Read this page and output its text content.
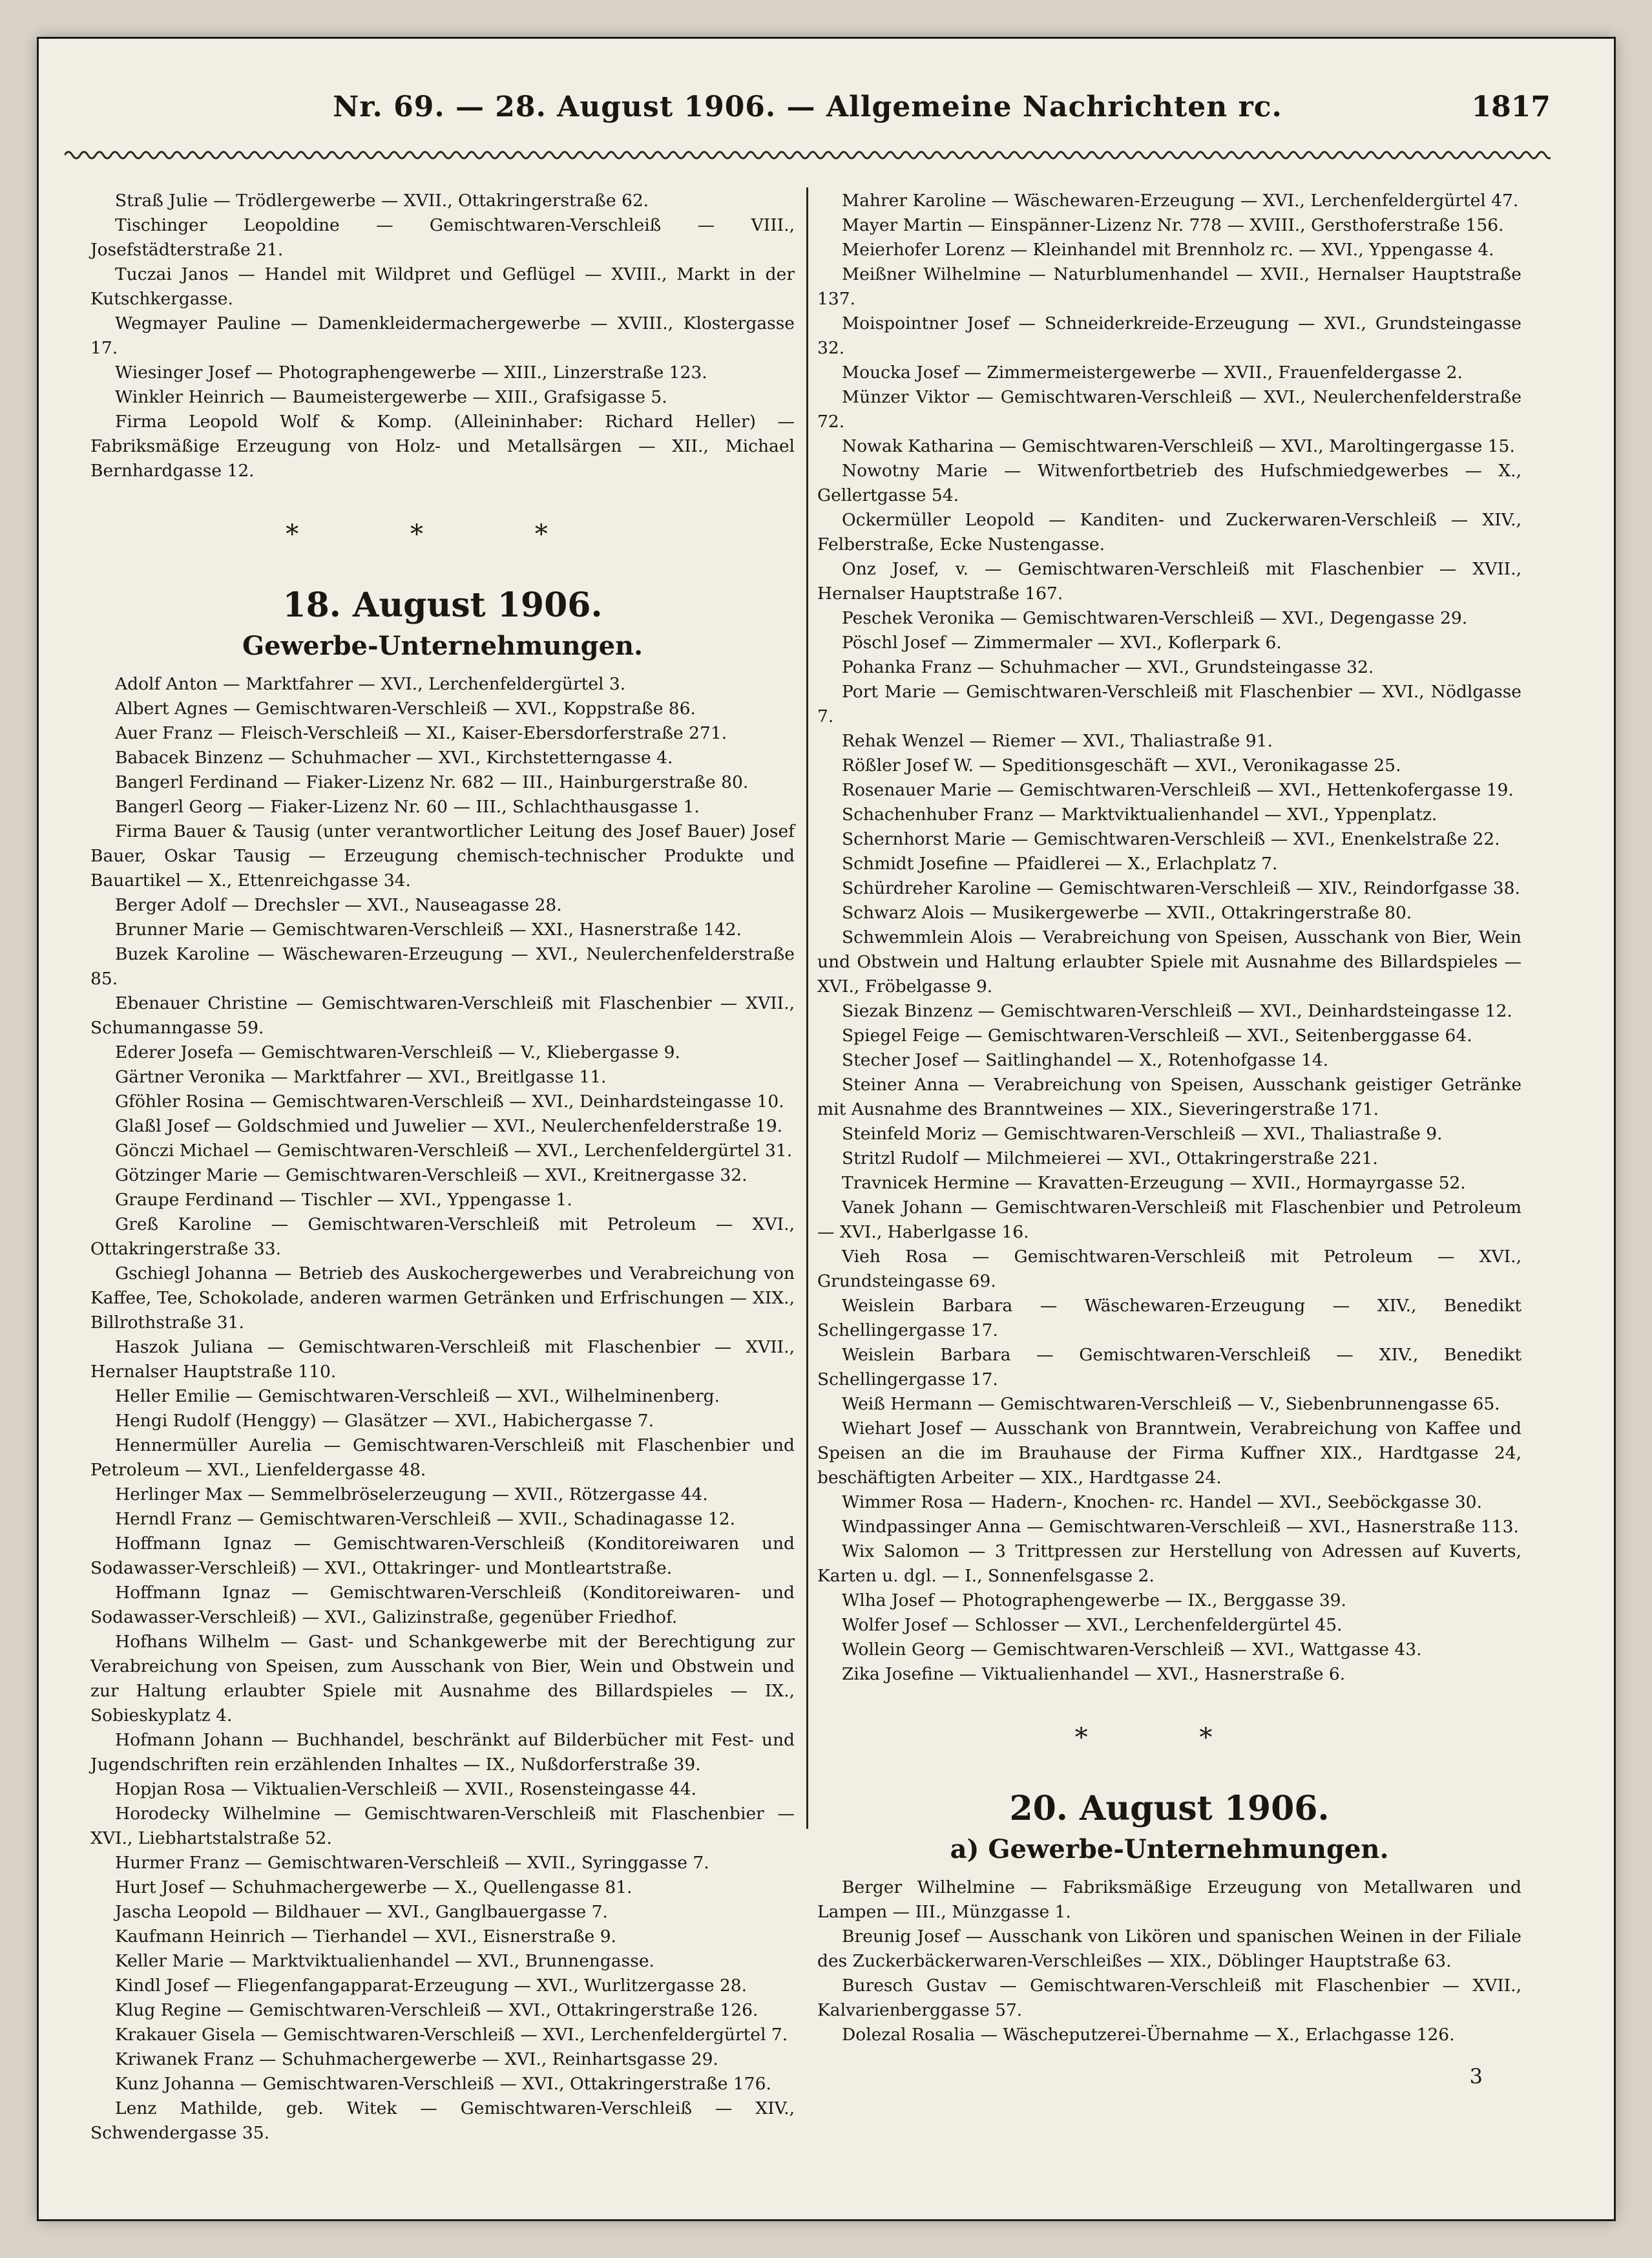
Nr. 69. — 28. August 1906. — Allgemeine Nachrichten rc.	1817

Straß Julie — Trödlergewerbe — XVII., Ottakringerstraße 62.

Tischinger Leopoldine — Gemischtwaren-Verschleiß — VIII., Josefstädterstraße 21.

Tuczai Janos — Handel mit Wildpret und Geflügel — XVIII., Markt in der Kutschkergasse.

Wegmayer Pauline — Damenkleidermachergewerbe — XVIII., Klostergasse 17.

Wiesinger Josef — Photographengewerbe — XIII., Linzerstraße 123.

Winkler Heinrich — Baumeistergewerbe — XIII., Grafsigasse 5.

Firma Leopold Wolf & Komp. (Alleininhaber: Richard Heller) — Fabriksmäßige Erzeugung von Holz- und Metallsärgen — XII., Michael Bernhardgasse 12.

* * *
18. August 1906.
Gewerbe-Unternehmungen.

Adolf Anton — Marktfahrer — XVI., Lerchenfeldergürtel 3.

Albert Agnes — Gemischtwaren-Verschleiß — XVI., Koppstraße 86.

Auer Franz — Fleisch-Verschleiß — XI., Kaiser-Ebersdorferstraße 271.

Babacek Binzenz — Schuhmacher — XVI., Kirchstetterngasse 4.

Bangerl Ferdinand — Fiaker-Lizenz Nr. 682 — III., Hainburgerstraße 80.

Bangerl Georg — Fiaker-Lizenz Nr. 60 — III., Schlachthausgasse 1.

Firma Bauer & Tausig (unter verantwortlicher Leitung des Josef Bauer) Josef Bauer, Oskar Tausig — Erzeugung chemisch-technischer Produkte und Bauartikel — X., Ettenreichgasse 34.

Berger Adolf — Drechsler — XVI., Nauseagasse 28.

Brunner Marie — Gemischtwaren-Verschleiß — XXI., Hasnerstraße 142.

Buzek Karoline — Wäschewaren-Erzeugung — XVI., Neulerchenfelderstraße 85.

Ebenauer Christine — Gemischtwaren-Verschleiß mit Flaschenbier — XVII., Schumanngasse 59.

Ederer Josefa — Gemischtwaren-Verschleiß — V., Kliebergasse 9.

Gärtner Veronika — Marktfahrer — XVI., Breitlgasse 11.

Gföhler Rosina — Gemischtwaren-Verschleiß — XVI., Deinhardsteingasse 10.

Glaßl Josef — Goldschmied und Juwelier — XVI., Neulerchenfelderstraße 19.

Gönczi Michael — Gemischtwaren-Verschleiß — XVI., Lerchenfeldergürtel 31.

Götzinger Marie — Gemischtwaren-Verschleiß — XVI., Kreitnergasse 32.

Graupe Ferdinand — Tischler — XVI., Yppengasse 1.

Greß Karoline — Gemischtwaren-Verschleiß mit Petroleum — XVI., Ottakringerstraße 33.

Gschiegl Johanna — Betrieb des Auskochergewerbes und Verabreichung von Kaffee, Tee, Schokolade, anderen warmen Getränken und Erfrischungen — XIX., Billrothstraße 31.

Haszok Juliana — Gemischtwaren-Verschleiß mit Flaschenbier — XVII., Hernalser Hauptstraße 110.

Heller Emilie — Gemischtwaren-Verschleiß — XVI., Wilhelminenberg.

Hengi Rudolf (Henggy) — Glasätzer — XVI., Habichergasse 7.

Hennermüller Aurelia — Gemischtwaren-Verschleiß mit Flaschenbier und Petroleum — XVI., Lienfeldergasse 48.

Herlinger Max — Semmelbröselerzeugung — XVII., Rötzergasse 44.

Herndl Franz — Gemischtwaren-Verschleiß — XVII., Schadinagasse 12.

Hoffmann Ignaz — Gemischtwaren-Verschleiß (Konditoreiwaren und Sodawasser-Verschleiß) — XVI., Ottakringer- und Montleartstraße.

Hoffmann Ignaz — Gemischtwaren-Verschleiß (Konditoreiwaren- und Sodawasser-Verschleiß) — XVI., Galizinstraße, gegenüber Friedhof.

Hofhans Wilhelm — Gast- und Schankgewerbe mit der Berechtigung zur Verabreichung von Speisen, zum Ausschank von Bier, Wein und Obstwein und zur Haltung erlaubter Spiele mit Ausnahme des Billardspieles — IX., Sobieskyplatz 4.

Hofmann Johann — Buchhandel, beschränkt auf Bilderbücher mit Fest- und Jugendschriften rein erzählenden Inhaltes — IX., Nußdorferstraße 39.

Hopjan Rosa — Viktualien-Verschleiß — XVII., Rosensteingasse 44.

Horodecky Wilhelmine — Gemischtwaren-Verschleiß mit Flaschenbier — XVI., Liebhartstalstraße 52.

Hurmer Franz — Gemischtwaren-Verschleiß — XVII., Syringgasse 7.

Hurt Josef — Schuhmachergewerbe — X., Quellengasse 81.

Jascha Leopold — Bildhauer — XVI., Ganglbauergasse 7.

Kaufmann Heinrich — Tierhandel — XVI., Eisnerstraße 9.

Keller Marie — Marktviktualienhandel — XVI., Brunnengasse.

Kindl Josef — Fliegenfangapparat-Erzeugung — XVI., Wurlitzergasse 28.

Klug Regine — Gemischtwaren-Verschleiß — XVI., Ottakringerstraße 126.

Krakauer Gisela — Gemischtwaren-Verschleiß — XVI., Lerchenfeldergürtel 7.

Kriwanek Franz — Schuhmachergewerbe — XVI., Reinhartsgasse 29.

Kunz Johanna — Gemischtwaren-Verschleiß — XVI., Ottakringerstraße 176.

Lenz Mathilde, geb. Witek — Gemischtwaren-Verschleiß — XIV., Schwendergasse 35.

Mahrer Karoline — Wäschewaren-Erzeugung — XVI., Lerchenfeldergürtel 47.

Mayer Martin — Einspänner-Lizenz Nr. 778 — XVIII., Gersthoferstraße 156.

Meierhofer Lorenz — Kleinhandel mit Brennholz rc. — XVI., Yppengasse 4.

Meißner Wilhelmine — Naturblumenhandel — XVII., Hernalser Hauptstraße 137.

Moispointner Josef — Schneiderkreide-Erzeugung — XVI., Grundsteingasse 32.

Moucka Josef — Zimmermeistergewerbe — XVII., Frauenfeldergasse 2.

Münzer Viktor — Gemischtwaren-Verschleiß — XVI., Neulerchenfelderstraße 72.

Nowak Katharina — Gemischtwaren-Verschleiß — XVI., Maroltingergasse 15.

Nowotny Marie — Witwenfortbetrieb des Hufschmiedgewerbes — X., Gellertgasse 54.

Ockermüller Leopold — Kanditen- und Zuckerwaren-Verschleiß — XIV., Felberstraße, Ecke Nustengasse.

Onz Josef, v. — Gemischtwaren-Verschleiß mit Flaschenbier — XVII., Hernalser Hauptstraße 167.

Peschek Veronika — Gemischtwaren-Verschleiß — XVI., Degengasse 29.

Pöschl Josef — Zimmermaler — XVI., Koflerpark 6.

Pohanka Franz — Schuhmacher — XVI., Grundsteingasse 32.

Port Marie — Gemischtwaren-Verschleiß mit Flaschenbier — XVI., Nödlgasse 7.

Rehak Wenzel — Riemer — XVI., Thaliastraße 91.

Rößler Josef W. — Speditionsgeschäft — XVI., Veronikagasse 25.

Rosenauer Marie — Gemischtwaren-Verschleiß — XVI., Hettenkofergasse 19.

Schachenhuber Franz — Marktviktualienhandel — XVI., Yppenplatz.

Schernhorst Marie — Gemischtwaren-Verschleiß — XVI., Enenkelstraße 22.

Schmidt Josefine — Pfaidlerei — X., Erlachplatz 7.

Schürdreher Karoline — Gemischtwaren-Verschleiß — XIV., Reindorfgasse 38.

Schwarz Alois — Musikergewerbe — XVII., Ottakringerstraße 80.

Schwemmlein Alois — Verabreichung von Speisen, Ausschank von Bier, Wein und Obstwein und Haltung erlaubter Spiele mit Ausnahme des Billardspieles — XVI., Fröbelgasse 9.

Siezak Binzenz — Gemischtwaren-Verschleiß — XVI., Deinhardsteingasse 12.

Spiegel Feige — Gemischtwaren-Verschleiß — XVI., Seitenberggasse 64.

Stecher Josef — Saitlinghandel — X., Rotenhofgasse 14.

Steiner Anna — Verabreichung von Speisen, Ausschank geistiger Getränke mit Ausnahme des Branntweines — XIX., Sieveringerstraße 171.

Steinfeld Moriz — Gemischtwaren-Verschleiß — XVI., Thaliastraße 9.

Stritzl Rudolf — Milchmeierei — XVI., Ottakringerstraße 221.

Travnicek Hermine — Kravatten-Erzeugung — XVII., Hormayrgasse 52.

Vanek Johann — Gemischtwaren-Verschleiß mit Flaschenbier und Petroleum — XVI., Haberlgasse 16.

Vieh Rosa — Gemischtwaren-Verschleiß mit Petroleum — XVI., Grundsteingasse 69.

Weislein Barbara — Wäschewaren-Erzeugung — XIV., Benedikt Schellingergasse 17.

Weislein Barbara — Gemischtwaren-Verschleiß — XIV., Benedikt Schellingergasse 17.

Weiß Hermann — Gemischtwaren-Verschleiß — V., Siebenbrunnengasse 65.

Wiehart Josef — Ausschank von Branntwein, Verabreichung von Kaffee und Speisen an die im Brauhause der Firma Kuffner XIX., Hardtgasse 24, beschäftigten Arbeiter — XIX., Hardtgasse 24.

Wimmer Rosa — Hadern-, Knochen- rc. Handel — XVI., Seeböckgasse 30.

Windpassinger Anna — Gemischtwaren-Verschleiß — XVI., Hasnerstraße 113.

Wix Salomon — 3 Trittpressen zur Herstellung von Adressen auf Kuverts, Karten u. dgl. — I., Sonnenfelsgasse 2.

Wlha Josef — Photographengewerbe — IX., Berggasse 39.

Wolfer Josef — Schlosser — XVI., Lerchenfeldergürtel 45.

Wollein Georg — Gemischtwaren-Verschleiß — XVI., Wattgasse 43.

Zika Josefine — Viktualienhandel — XVI., Hasnerstraße 6.

* *
20. August 1906.
a) Gewerbe-Unternehmungen.

Berger Wilhelmine — Fabriksmäßige Erzeugung von Metallwaren und Lampen — III., Münzgasse 1.

Breunig Josef — Ausschank von Likören und spanischen Weinen in der Filiale des Zuckerbäckerwaren-Verschleißes — XIX., Döblinger Hauptstraße 63.

Buresch Gustav — Gemischtwaren-Verschleiß mit Flaschenbier — XVII., Kalvarienberggasse 57.

Dolezal Rosalia — Wäscheputzerei-Übernahme — X., Erlachgasse 126.

3
